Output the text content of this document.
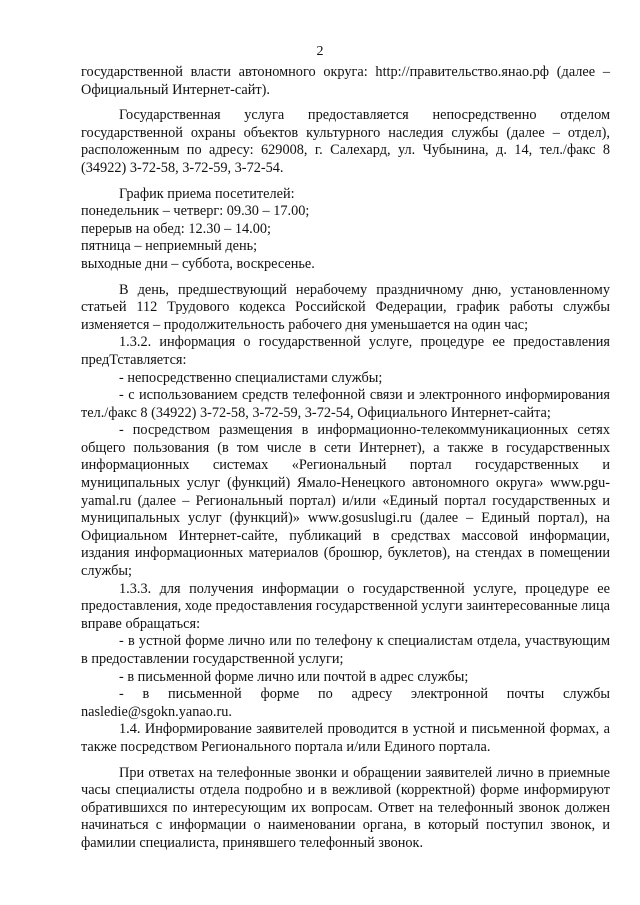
2

государственной власти автономного округа: http://правительство.янао.рф (далее – Официальный Интернет-сайт).

Государственная услуга предоставляется непосредственно отделом государственной охраны объектов культурного наследия службы (далее – отдел), расположенным по адресу: 629008, г. Салехард, ул. Чубынина, д. 14, тел./факс 8 (34922) 3-72-58, 3-72-59, 3-72-54.

График приема посетителей:

понедельник – четверг: 09.30 – 17.00;

перерыв на обед: 12.30 – 14.00;

пятница – неприемный день;

выходные дни – суббота, воскресенье.

В день, предшествующий нерабочему праздничному дню, установленному статьей 112 Трудового кодекса Российской Федерации, график работы службы изменяется – продолжительность рабочего дня уменьшается на один час;

1.3.2. информация о государственной услуге, процедуре ее предоставления предТставляется:

- непосредственно специалистами службы;

- с использованием средств телефонной связи и электронного информирования тел./факс 8 (34922) 3-72-58, 3-72-59, 3-72-54, Официального Интернет-сайта;

- посредством размещения в информационно-телекоммуникационных сетях общего пользования (в том числе в сети Интернет), а также в государственных информационных системах «Региональный портал государственных и муниципальных услуг (функций) Ямало-Ненецкого автономного округа» www.pgu-yamal.ru (далее – Региональный портал) и/или «Единый портал государственных и муниципальных услуг (функций)» www.gosuslugi.ru (далее – Единый портал), на Официальном Интернет-сайте, публикаций в средствах массовой информации, издания информационных материалов (брошюр, буклетов), на стендах в помещении службы;

1.3.3. для получения информации о государственной услуге, процедуре ее предоставления, ходе предоставления государственной услуги заинтересованные лица вправе обращаться:

- в устной форме лично или по телефону к специалистам отдела, участвующим в предоставлении государственной услуги;

- в письменной форме лично или почтой в адрес службы;

- в письменной форме по адресу электронной почты службы nasledie@sgokn.yanao.ru.

1.4. Информирование заявителей проводится в устной и письменной формах, а также посредством Регионального портала и/или Единого портала.

При ответах на телефонные звонки и обращении заявителей лично в приемные часы специалисты отдела подробно и в вежливой (корректной) форме информируют обратившихся по интересующим их вопросам. Ответ на телефонный звонок должен начинаться с информации о наименовании органа, в который поступил звонок, и фамилии специалиста, принявшего телефонный звонок.
